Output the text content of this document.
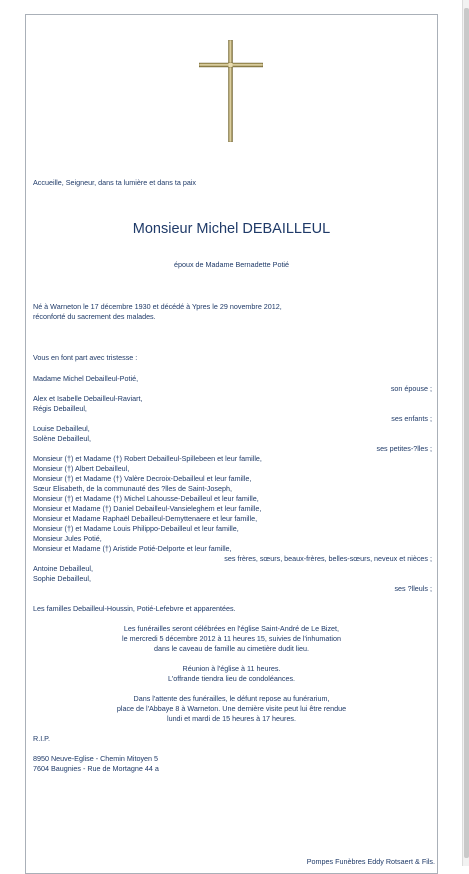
Accueille, Seigneur, dans ta lumière et dans ta paix
Monsieur Michel DEBAILLEUL
époux de Madame Bernadette Potié
Né à Warneton le 17 décembre 1930 et décédé à Ypres le 29 novembre 2012,
réconforté du sacrement des malades.
Vous en font part avec tristesse :
Madame Michel Debailleul-Potié,
son épouse ;
Alex et Isabelle Debailleul-Raviart,
Régis Debailleul,
ses enfants ;
Louise Debailleul,
Solène Debailleul,
ses petites-?lles ;
Monsieur (†) et Madame (†) Robert Debailleul-Spillebeen et leur famille,
Monsieur (†) Albert Debailleul,
Monsieur (†) et Madame (†) Valère Decroix-Debailleul et leur famille,
Sœur Elisabeth, de la communauté des ?lles de Saint-Joseph,
Monsieur (†) et Madame (†) Michel Lahousse-Debailleul et leur famille,
Monsieur et Madame (†) Daniel Debailleul-Vansieleghem et leur famille,
Monsieur et Madame Raphaël Debailleul-Demyttenaere et leur famille,
Monsieur (†) et Madame Louis Philippo-Debailleul et leur famille,
Monsieur Jules Potié,
Monsieur et Madame (†) Aristide Potié-Delporte et leur famille,
ses frères, sœurs, beaux-frères, belles-sœurs, neveux et nièces ;
Antoine Debailleul,
Sophie Debailleul,
ses ?lleuls ;
Les familles Debailleul-Houssin, Potié-Lefebvre et apparentées.
Les funérailles seront célébrées en l'église Saint-André de Le Bizet,
le mercredi 5 décembre 2012 à 11 heures 15, suivies de l'inhumation
dans le caveau de famille au cimetière dudit lieu.
Réunion à l'église à 11 heures.
L'offrande tiendra lieu de condoléances.
Dans l'attente des funérailles, le défunt repose au funérarium,
place de l'Abbaye 8 à Warneton. Une dernière visite peut lui être rendue
lundi et mardi de 15 heures à 17 heures.
R.I.P.
8950 Neuve-Eglise - Chemin Mitoyen 5
7604 Baugnies - Rue de Mortagne 44 a
Pompes Funèbres Eddy Rotsaert & Fils.
